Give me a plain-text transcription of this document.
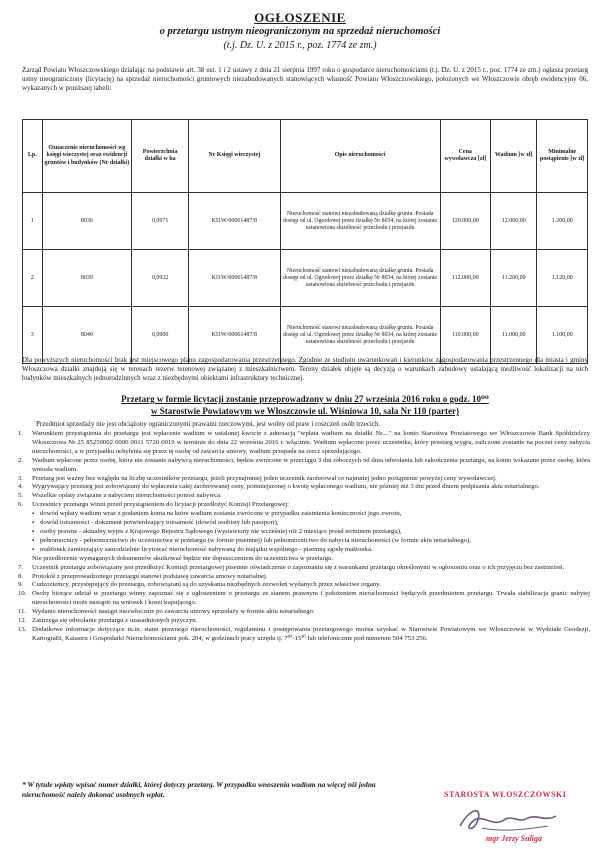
OGŁOSZENIE
o przetargu ustnym nieograniczonym na sprzedaż nieruchomości
(t.j. Dz. U. z 2015 r., poz. 1774 ze zm.)
Zarząd Powiatu Włoszczowskiego działając na podstawie art. 38 ust. 1 i 2 ustawy z dnia 21 sierpnia 1997 roku o gospodarce nieruchomościami (t.j. Dz. U. z 2015 r., poz. 1774 ze zm.) ogłasza przetarg ustny nieograniczony (licytację) na sprzedaż nieruchomości gruntowych niezabudowanych stanowiących własność Powiatu Włoszczowskiego, położonych we Włoszczowie obręb ewidencyjny 06, wykazanych w poniższej tabeli:
Lp.	Oznaczenie nieruchomości wg księgi wieczystej oraz ewidencji gruntów i budynków (Nr działki)	Powierzchnia działki w ha	Nr Księgi wieczystej	Opis nieruchomości	Cena wywoławcza [zł]	Wadium [w zł]	Minimalne postąpienie [w zł]
1	8036	0,0971	KI1W/00061487/8	Nieruchomość stanowi niezabudowaną działkę gruntu. Posiada dostęp od ul. Ogrodowej przez działkę Nr 8034, na której zostanie ustanowiona służebność przechodu i przejazdu	120.000,00	12.000,00	1.200,00
2	8039	0,0932	KI1W/00061487/8	Nieruchomość stanowi niezabudowaną działkę gruntu. Posiada dostęp od ul. Ogrodowej przez działkę Nr 8034, na której zostanie ustanowiona służebność przechodu i przejazdu	112.000,00	11.200,00	1.120,00
3	8040	0,0900	KI1W/00061487/8	Nieruchomość stanowi niezabudowaną działkę gruntu. Posiada dostęp od ul. Ogrodowej przez działkę Nr 8034, na której zostanie ustanowiona służebność przechodu i przejazdu	110.000,00	11.000,00	1.100,00
Dla powyższych nieruchomości brak jest miejscowego planu zagospodarowania przestrzennego. Zgodnie ze studium uwarunkowań i kierunków zagospodarowania przestrzennego dla miasta i gminy Włoszczowa działki znajdują się w terenach rezerw terenowej związanej z mieszkalnictwem. Tereny działek objęte są decyzją o warunkach zabudowy ustalającą możliwość lokalizacji na nich budynków mieszkalnych jednorodzinnych wraz z niezbędnymi obiektami infrastruktury technicznej.
Przetarg w formie licytacji zostanie przeprowadzony w dniu 27 września 2016 roku o godz. 10⁰⁰
w Starostwie Powiatowym we Włoszczowie ul. Wiśniowa 10, sala Nr 110 (parter)
Przedmiot sprzedaży nie jest obciążony ograniczonymi prawami rzeczowymi, jest wolny od praw i roszczeń osób trzecich.
1. Warunkiem przystąpienia do przetargu jest wpłacenie wadium w ustalonej kwocie z adnotacją "wpłata wadium na działki Nr...." na konto Starostwa Powiatowego we Włoszczowie Bank Spółdzielczy Włoszczowa Nr 25 85250002 0000 0011 5720 0019 w terminie do dnia 22 września 2016 r. włącznie. Wadium wpłacone przez uczestnika, który przetarg wygra, zaliczone zostanie na poczet ceny nabycia nieruchomości, a w przypadku uchylenia się przez tę osobę od zawarcia umowy, wadium przepada na rzecz sprzedającego.
2. Wadium wpłacone przez osobę, która nie zostanie nabywcą nieruchomości, będzie zwrócone w przeciągu 3 dni roboczych od dnia odwołania lub zakończenia przetargu, na konto wskazane przez osobę, która wniosła wadium.
3. Przetarg jest ważny bez względu na liczbę uczestników przetargu, jeżeli przynajmniej jeden uczestnik zaoferował co najmniej jedno postąpienie powyżej ceny wywoławczej.
4. Wygrywający przetarg jest zobowiązany do wpłacenia całej zaoferowanej ceny, pomniejszonej o kwotę wpłaconego wadium, nie później niż 3 dni przed dniem podpisania aktu notarialnego.
5. Wszelkie opłaty związane z nabyciem nieruchomości ponosi nabywca.
6. Uczestnicy przetargu winni przed przystąpieniem do licytacji przedłożyć Komisji Przetargowej:
▪ dowód wpłaty wadium wraz z podaniem konta na które wadium zostanie zwrócone w przypadku zaistnienia konieczności jego zwrotu,
▪ dowód tożsamości - dokument potwierdzający tożsamość (dowód osobisty lub paszport),
▪ osoby prawne - aktualny wypis z Krajowego Rejestru Sądowego (wystawiony nie wcześniej niż 2 miesiące przed terminem przetargu),
▪ pełnomocnicy - pełnomocnictwo do uczestnictwa w przetargu (w formie pisemnej) lub pełnomocnictwo do nabycia nieruchomości (w formie aktu notarialnego),
▪ małżonek zamierzający samodzielnie licytować nieruchomość nabywaną do majątku wspólnego - pisemną zgodę małżonka.
Nie przedłożenie wymaganych dokumentów skutkować będzie nie dopuszczeniem do uczestnictwa w przetargu.
7. Uczestnik przetargu zobowiązany jest przedłożyć Komisji przetargowej pisemne oświadczenie o zapoznaniu się z warunkami przetargu określonymi w ogłoszeniu oraz o ich przyjęciu bez zastrzeżeń.
8. Protokół z przeprowadzonego przetargu stanowi podstawę zawarcia umowy notarialnej.
9. Cudzoziemcy, przystępujący do przetargu, zobowiązani są do uzyskania niezbędnych zezwoleń wydanych przez właściwe organy.
10. Osoby biorące udział w przetargu winny zapoznać się z ogłoszeniem o przetargu ze stanem prawnym i położeniem nieruchomości będących przedmiotem przetargu. Trwała stabilizacja granic nabytej nieruchomości może nastąpić na wniosek i koszt kupującego.
11. Wydanie nieruchomości nastąpi niezwłocznie po zawarciu umowy sprzedaży w formie aktu notarialnego.
12. Zastrzega się odwołanie przetargu z uzasadnionych przyczyn.
13. Dodatkowe informacje dotyczące m.in. stanu prawnego nieruchomości, regulaminu i postępowania przetargowego można uzyskać w Starostwie Powiatowym we Włoszczowie w Wydziale Geodezji, Kartografii, Katastru i Gospodarki Nieruchomościami pok. 204, w godzinach pracy urzędu tj. 7³⁰-15³⁰ lub telefonicznie pod numerem 504 753 256.
* W tytule wpłaty wpisać numer działki, której dotyczy przetarg. W przypadku wnoszenia wadium na więcej niż jedna nieruchomość należy dokonać osobnych wpłat.	STAROSTA WŁOSZCZOWSKI
mgr Jerzy Suliga
